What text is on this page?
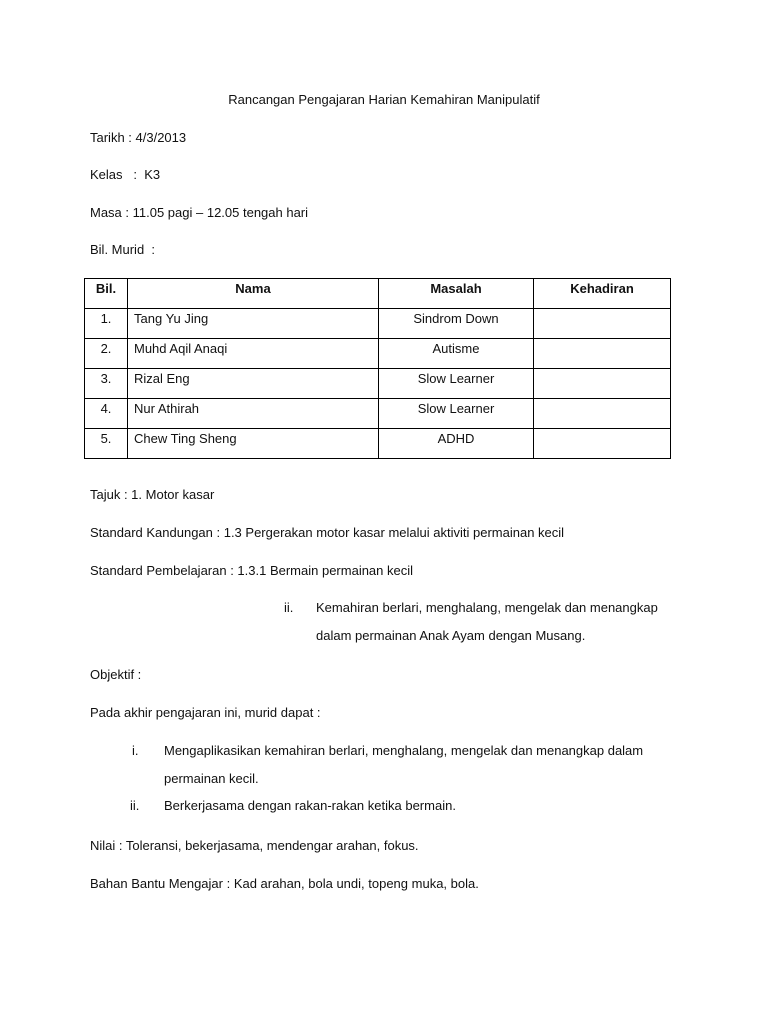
Rancangan Pengajaran Harian Kemahiran Manipulatif
Tarikh : 4/3/2013
Kelas   :  K3
Masa : 11.05 pagi – 12.05 tengah hari
Bil. Murid  :
Bil.	Nama	Masalah	Kehadiran
1.	Tang Yu Jing	Sindrom Down	
2.	Muhd Aqil Anaqi	Autisme	
3.	Rizal Eng	Slow Learner	
4.	Nur Athirah	Slow Learner	
5.	Chew Ting Sheng	ADHD	
Tajuk : 1. Motor kasar
Standard Kandungan : 1.3 Pergerakan motor kasar melalui aktiviti permainan kecil
Standard Pembelajaran : 1.3.1 Bermain permainan kecil
ii. Kemahiran berlari, menghalang, mengelak dan menangkap
dalam permainan Anak Ayam dengan Musang.
Objektif :
Pada akhir pengajaran ini, murid dapat :
i. Mengaplikasikan kemahiran berlari, menghalang, mengelak dan menangkap dalam
permainan kecil.
ii. Berkerjasama dengan rakan-rakan ketika bermain.
Nilai : Toleransi, bekerjasama, mendengar arahan, fokus.
Bahan Bantu Mengajar : Kad arahan, bola undi, topeng muka, bola.
